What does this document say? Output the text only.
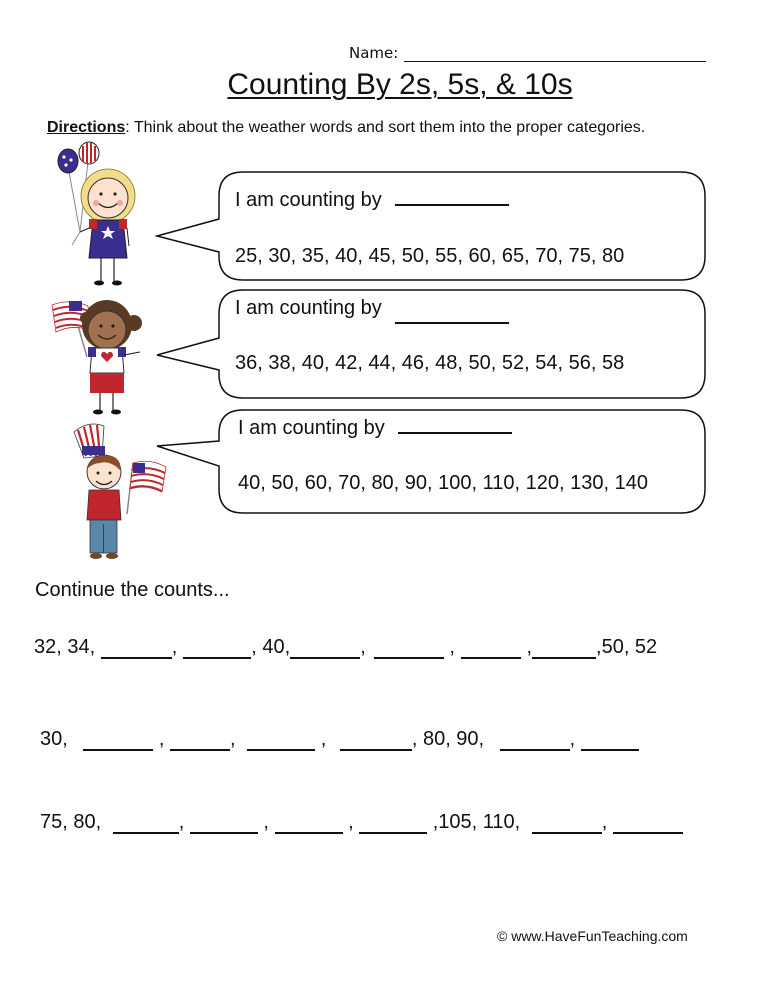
Name:
Counting By 2s, 5s, & 10s
Directions: Think about the weather words and sort them into the proper categories.
I am counting by
25, 30, 35, 40, 45, 50, 55, 60, 65, 70, 75, 80
I am counting by
36, 38, 40, 42, 44, 46, 48, 50, 52, 54, 56, 58
I am counting by
40, 50, 60, 70, 80, 90, 100, 110, 120, 130, 140
Continue the counts...
32, 34,	,	, 40,	,	,	,	,50, 52
30,	,	,	,	, 80, 90,	,
75, 80,	,	,	,	,105, 110,	,
© www.HaveFunTeaching.com
